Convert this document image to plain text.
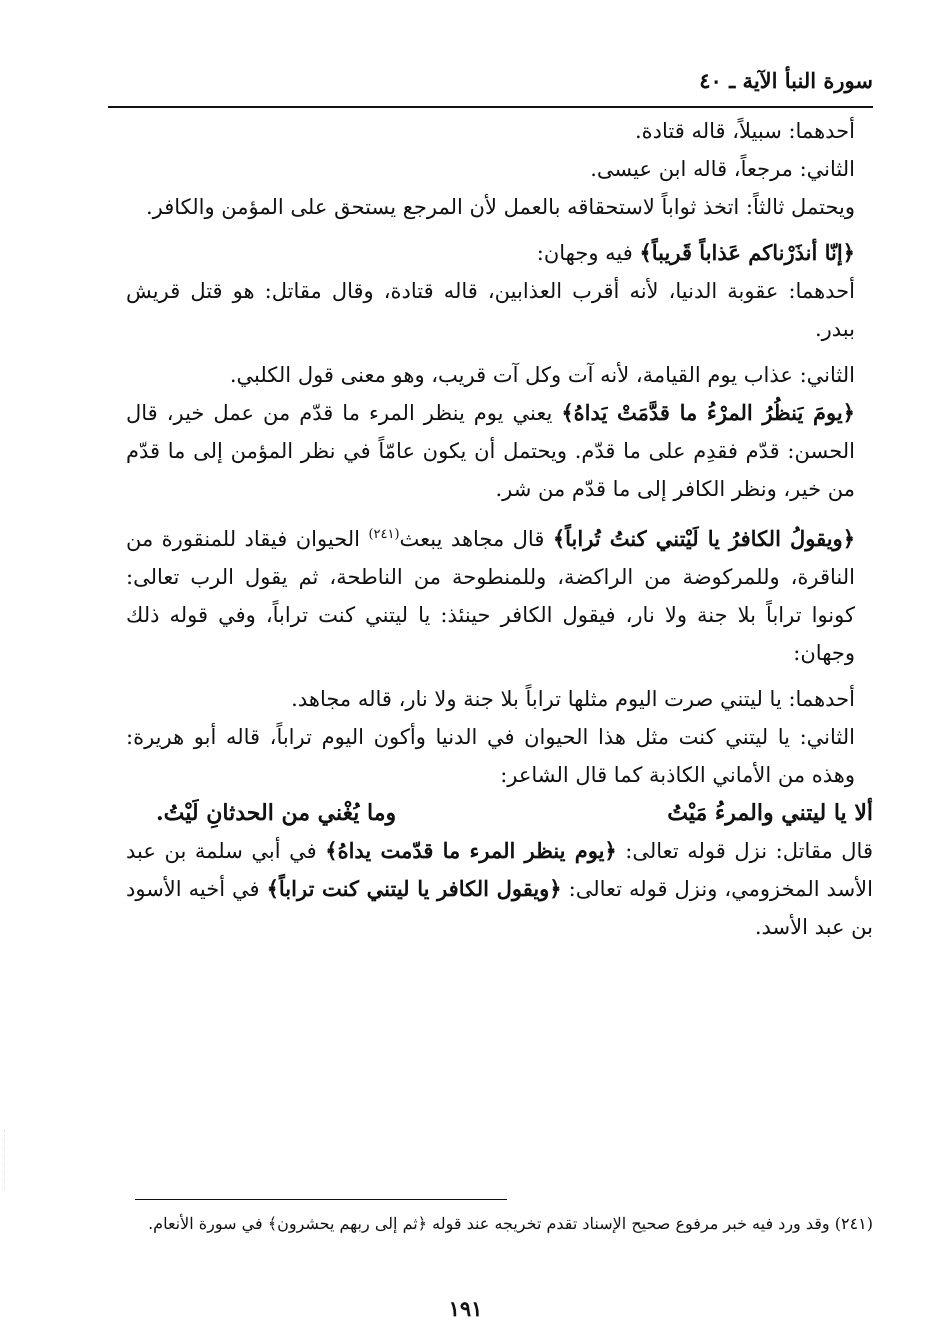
سورة النبأ الآية ـ ٤٠

أحدهما: سبيلاً، قاله قتادة.

الثاني: مرجعاً، قاله ابن عيسى.

ويحتمل ثالثاً: اتخذ ثواباً لاستحقاقه بالعمل لأن المرجع يستحق على المؤمن والكافر.

﴿إنّا أنذَرْناكم عَذاباً قَريباً﴾ فيه وجهان:

أحدهما: عقوبة الدنيا، لأنه أقرب العذابين، قاله قتادة، وقال مقاتل: هو قتل قريش ببدر.

الثاني: عذاب يوم القيامة، لأنه آت وكل آت قريب، وهو معنى قول الكلبي.

﴿يومَ يَنظُرُ المرْءُ ما قدَّمَتْ يَداهُ﴾ يعني يوم ينظر المرء ما قدّم من عمل خير، قال الحسن: قدّم فقدِم على ما قدّم. ويحتمل أن يكون عامّاً في نظر المؤمن إلى ما قدّم من خير، ونظر الكافر إلى ما قدّم من شر.

﴿ويقولُ الكافرُ يا لَيْتني كنتُ تُراباً﴾ قال مجاهد يبعث$^{(٢٤١)}$ الحيوان فيقاد للمنقورة من الناقرة، وللمركوضة من الراكضة، وللمنطوحة من الناطحة، ثم يقول الرب تعالى: كونوا تراباً بلا جنة ولا نار، فيقول الكافر حينئذ: يا ليتني كنت تراباً، وفي قوله ذلك وجهان:

أحدهما: يا ليتني صرت اليوم مثلها تراباً بلا جنة ولا نار، قاله مجاهد.

الثاني: يا ليتني كنت مثل هذا الحيوان في الدنيا وأكون اليوم تراباً، قاله أبو هريرة: وهذه من الأماني الكاذبة كما قال الشاعر:

ألا يا ليتني والمرءُ مَيْتُ
وما يُغْني من الحدثانِ لَيْتُ.

قال مقاتل: نزل قوله تعالى: ﴿يوم ينظر المرء ما قدّمت يداهُ﴾ في أبي سلمة بن عبد الأسد المخزومي، ونزل قوله تعالى: ﴿ويقول الكافر يا ليتني كنت تراباً﴾ في أخيه الأسود بن عبد الأسد.

(٢٤١) وقد ورد فيه خبر مرفوع صحيح الإسناد تقدم تخريجه عند قوله ﴿ثم إلى ربهم يحشرون﴾ في سورة الأنعام.

١٩١
